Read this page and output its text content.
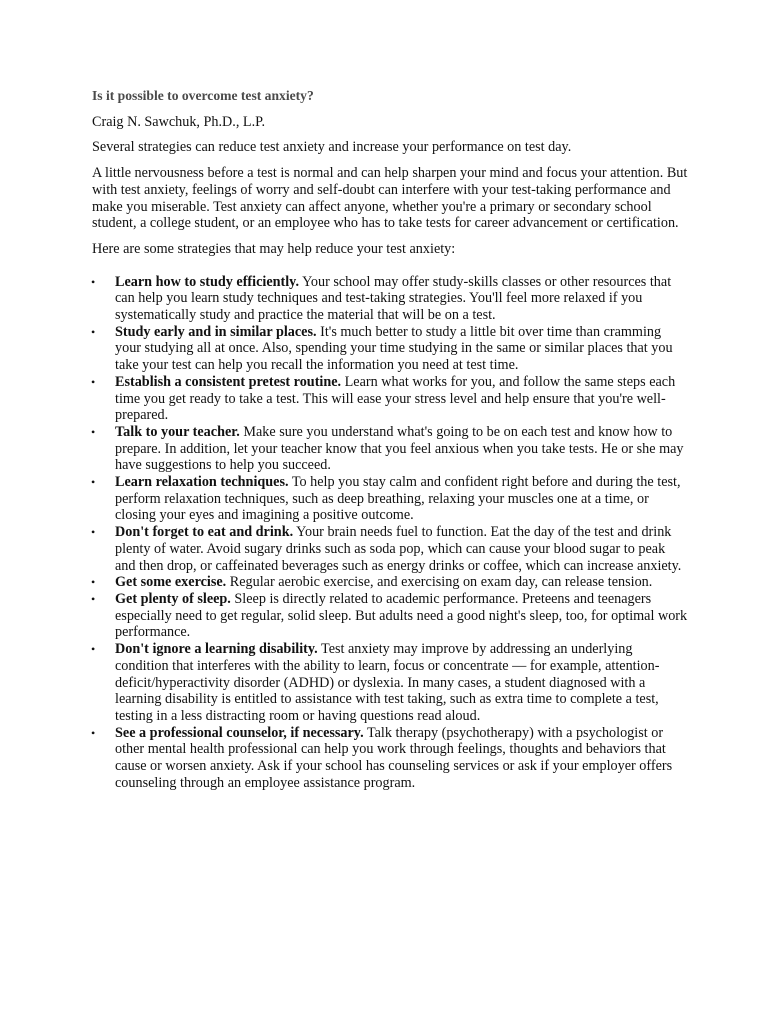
Is it possible to overcome test anxiety?

Craig N. Sawchuk, Ph.D., L.P.

Several strategies can reduce test anxiety and increase your performance on test day.

A little nervousness before a test is normal and can help sharpen your mind and focus your attention. But with test anxiety, feelings of worry and self-doubt can interfere with your test-taking performance and make you miserable. Test anxiety can affect anyone, whether you're a primary or secondary school student, a college student, or an employee who has to take tests for career advancement or certification.

Here are some strategies that may help reduce your test anxiety:

• Learn how to study efficiently. Your school may offer study-skills classes or other resources that can help you learn study techniques and test-taking strategies. You'll feel more relaxed if you systematically study and practice the material that will be on a test.
• Study early and in similar places. It's much better to study a little bit over time than cramming your studying all at once. Also, spending your time studying in the same or similar places that you take your test can help you recall the information you need at test time.
• Establish a consistent pretest routine. Learn what works for you, and follow the same steps each time you get ready to take a test. This will ease your stress level and help ensure that you're well-prepared.
• Talk to your teacher. Make sure you understand what's going to be on each test and know how to prepare. In addition, let your teacher know that you feel anxious when you take tests. He or she may have suggestions to help you succeed.
• Learn relaxation techniques. To help you stay calm and confident right before and during the test, perform relaxation techniques, such as deep breathing, relaxing your muscles one at a time, or closing your eyes and imagining a positive outcome.
• Don't forget to eat and drink. Your brain needs fuel to function. Eat the day of the test and drink plenty of water. Avoid sugary drinks such as soda pop, which can cause your blood sugar to peak and then drop, or caffeinated beverages such as energy drinks or coffee, which can increase anxiety.
• Get some exercise. Regular aerobic exercise, and exercising on exam day, can release tension.
• Get plenty of sleep. Sleep is directly related to academic performance. Preteens and teenagers especially need to get regular, solid sleep. But adults need a good night's sleep, too, for optimal work performance.
• Don't ignore a learning disability. Test anxiety may improve by addressing an underlying condition that interferes with the ability to learn, focus or concentrate — for example, attention-deficit/hyperactivity disorder (ADHD) or dyslexia. In many cases, a student diagnosed with a learning disability is entitled to assistance with test taking, such as extra time to complete a test, testing in a less distracting room or having questions read aloud.
• See a professional counselor, if necessary. Talk therapy (psychotherapy) with a psychologist or other mental health professional can help you work through feelings, thoughts and behaviors that cause or worsen anxiety. Ask if your school has counseling services or ask if your employer offers counseling through an employee assistance program.
